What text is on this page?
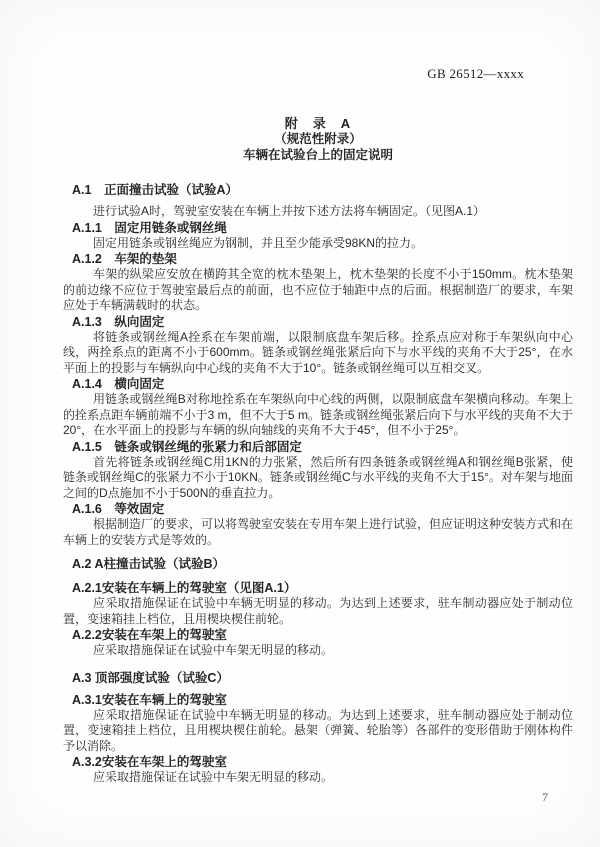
GB 26512—xxxx
附　录　A
（规范性附录）
车辆在试验台上的固定说明
A.1　正面撞击试验（试验A）

进行试验A时，驾驶室安装在车辆上并按下述方法将车辆固定。（见图A.1）

A.1.1　固定用链条或钢丝绳

固定用链条或钢丝绳应为钢制，并且至少能承受98KN的拉力。

A.1.2　车架的垫架

车架的纵梁应安放在横跨其全宽的枕木垫架上，枕木垫架的长度不小于150mm。枕木垫架的前边缘不应位于驾驶室最后点的前面，也不应位于轴距中点的后面。根据制造厂的要求，车架应处于车辆满载时的状态。

A.1.3　纵向固定

将链条或钢丝绳A拴系在车架前端，以限制底盘车架后移。拴系点应对称于车架纵向中心线，两拴系点的距离不小于600mm。链条或钢丝绳张紧后向下与水平线的夹角不大于25°，在水平面上的投影与车辆纵向中心线的夹角不大于10°。链条或钢丝绳可以互相交叉。

A.1.4　横向固定

用链条或钢丝绳B对称地拴系在车架纵向中心线的两侧，以限制底盘车架横向移动。车架上的拴系点距车辆前端不小于3 m，但不大于5 m。链条或钢丝绳张紧后向下与水平线的夹角不大于20°，在水平面上的投影与车辆的纵向轴线的夹角不大于45°，但不小于25°。

A.1.5　链条或钢丝绳的张紧力和后部固定

首先将链条或钢丝绳C用1KN的力张紧，然后所有四条链条或钢丝绳A和钢丝绳B张紧，使链条或钢丝绳C的张紧力不小于10KN。链条或钢丝绳C与水平线的夹角不大于15°。对车架与地面之间的D点施加不小于500N的垂直拉力。

A.1.6　等效固定

根据制造厂的要求，可以将驾驶室安装在专用车架上进行试验，但应证明这种安装方式和在车辆上的安装方式是等效的。

A.2 A柱撞击试验（试验B）
A.2.1安装在车辆上的驾驶室（见图A.1）

应采取措施保证在试验中车辆无明显的移动。为达到上述要求，驻车制动器应处于制动位置，变速箱挂上档位，且用楔块楔住前轮。

A.2.2安装在车架上的驾驶室

应采取措施保证在试验中车架无明显的移动。

A.3 顶部强度试验（试验C）
A.3.1安装在车辆上的驾驶室

应采取措施保证在试验中车辆无明显的移动。为达到上述要求，驻车制动器应处于制动位置，变速箱挂上档位，且用楔块楔住前轮。悬架（弹簧、轮胎等）各部件的变形借助于刚体构件予以消除。

A.3.2安装在车架上的驾驶室

应采取措施保证在试验中车架无明显的移动。

7
